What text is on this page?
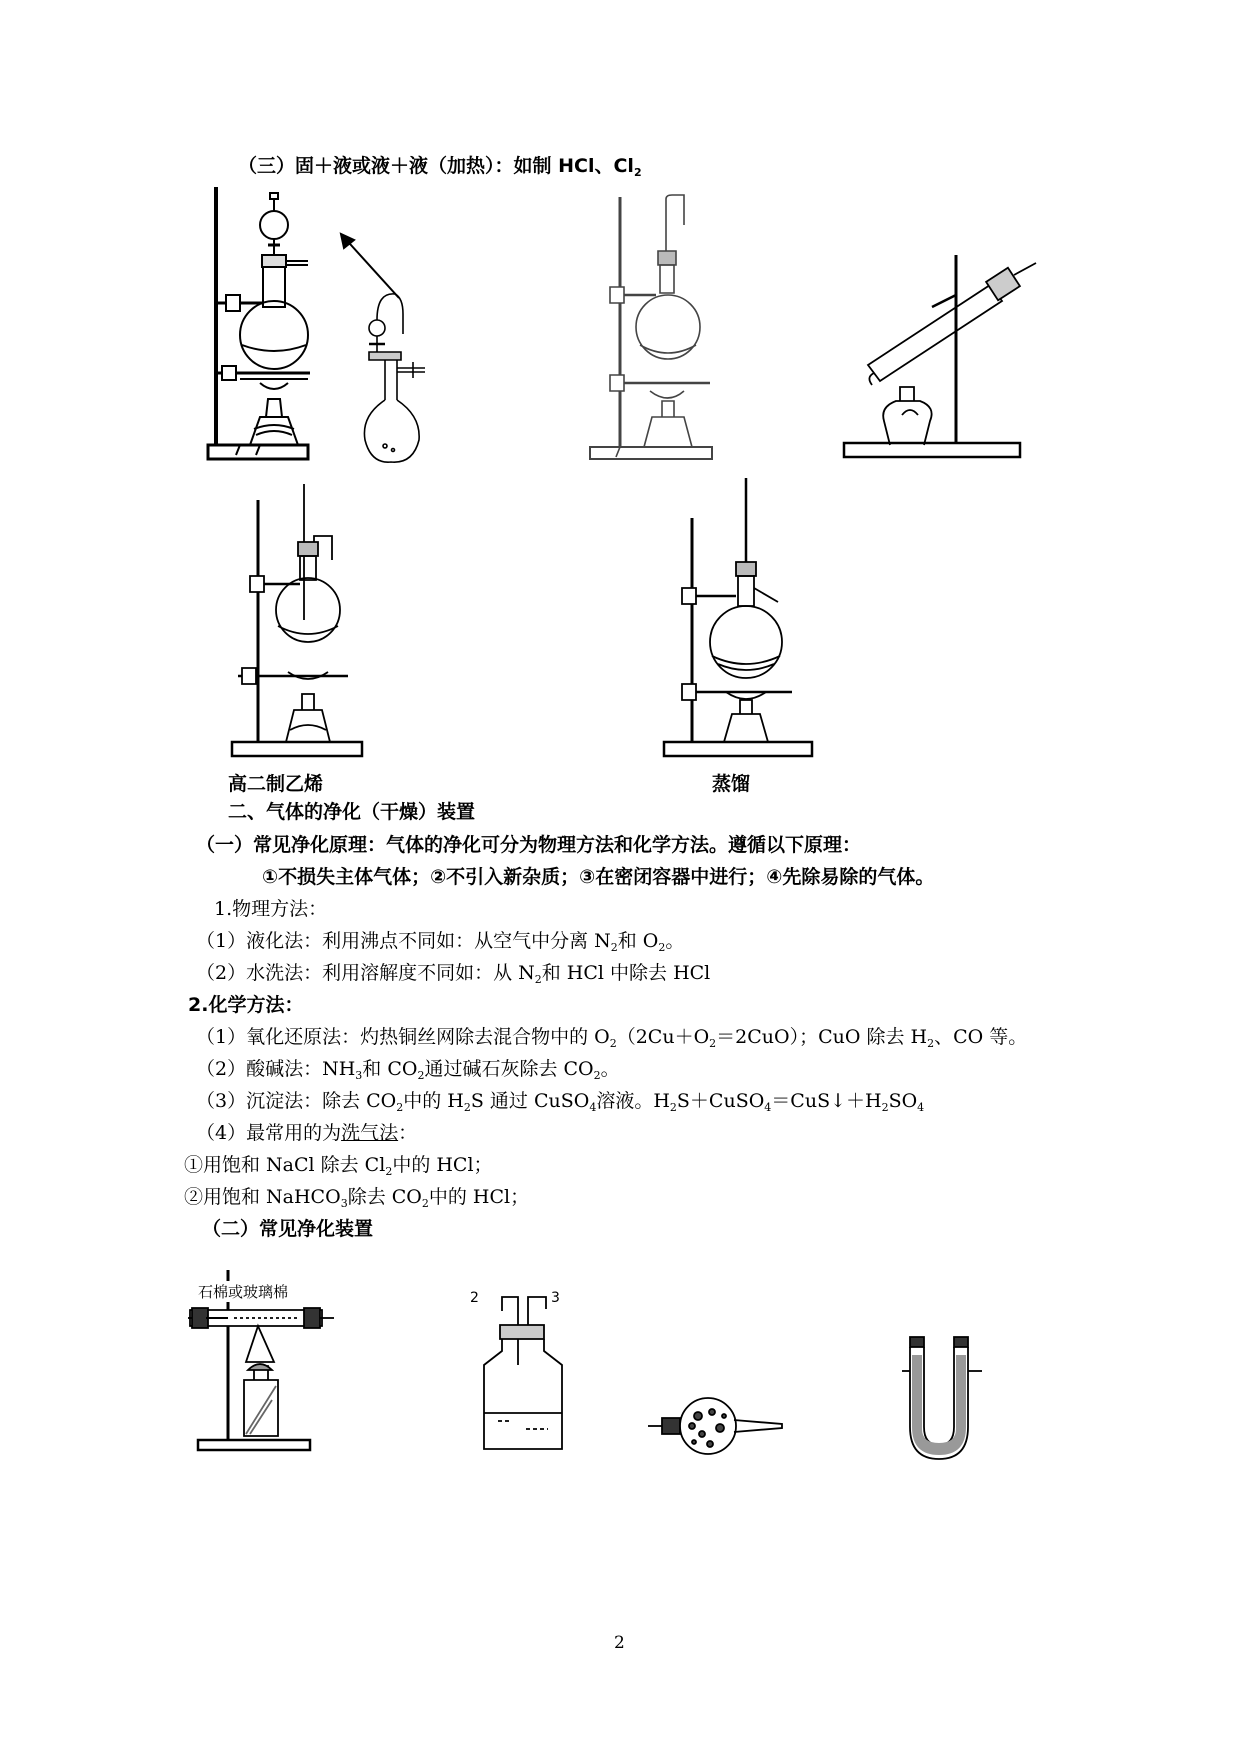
（三）固＋液或液＋液（加热）：如制 HCl、$Cl_2$
高二制乙烯	蒸馏
二、气体的净化（干燥）装置
（一）常见净化原理：气体的净化可分为物理方法和化学方法。遵循以下原理：
①不损失主体气体；②不引入新杂质；③在密闭容器中进行；④先除易除的气体。
1.物理方法：
（1）液化法：利用沸点不同如：从空气中分离 $N_2$和 $O_2$。
（2）水洗法：利用溶解度不同如：从 $N_2$和 HCl 中除去 HCl
2.化学方法：
（1）氧化还原法：灼热铜丝网除去混合物中的 $O_2(2Cu+O_2=2CuO)$；CuO 除去 $H_2$、CO 等。
（2）酸碱法：$NH_3$和 $CO_2$通过碱石灰除去 $CO_2$。
（3）沉淀法：除去 $CO_2$中的 $H_2S$ 通过 CuSO$_4$溶液。$H_2S+CuSO_4=CuS↓+H_2SO_4$
（4）最常用的为洗气法：
①用饱和 NaCl 除去 $Cl_2$中的 HCl；
②用饱和 NaHCO$_3$除去 $CO_2$中的 HCl；
（二）常见净化装置
石棉或玻璃棉	2	3
2
